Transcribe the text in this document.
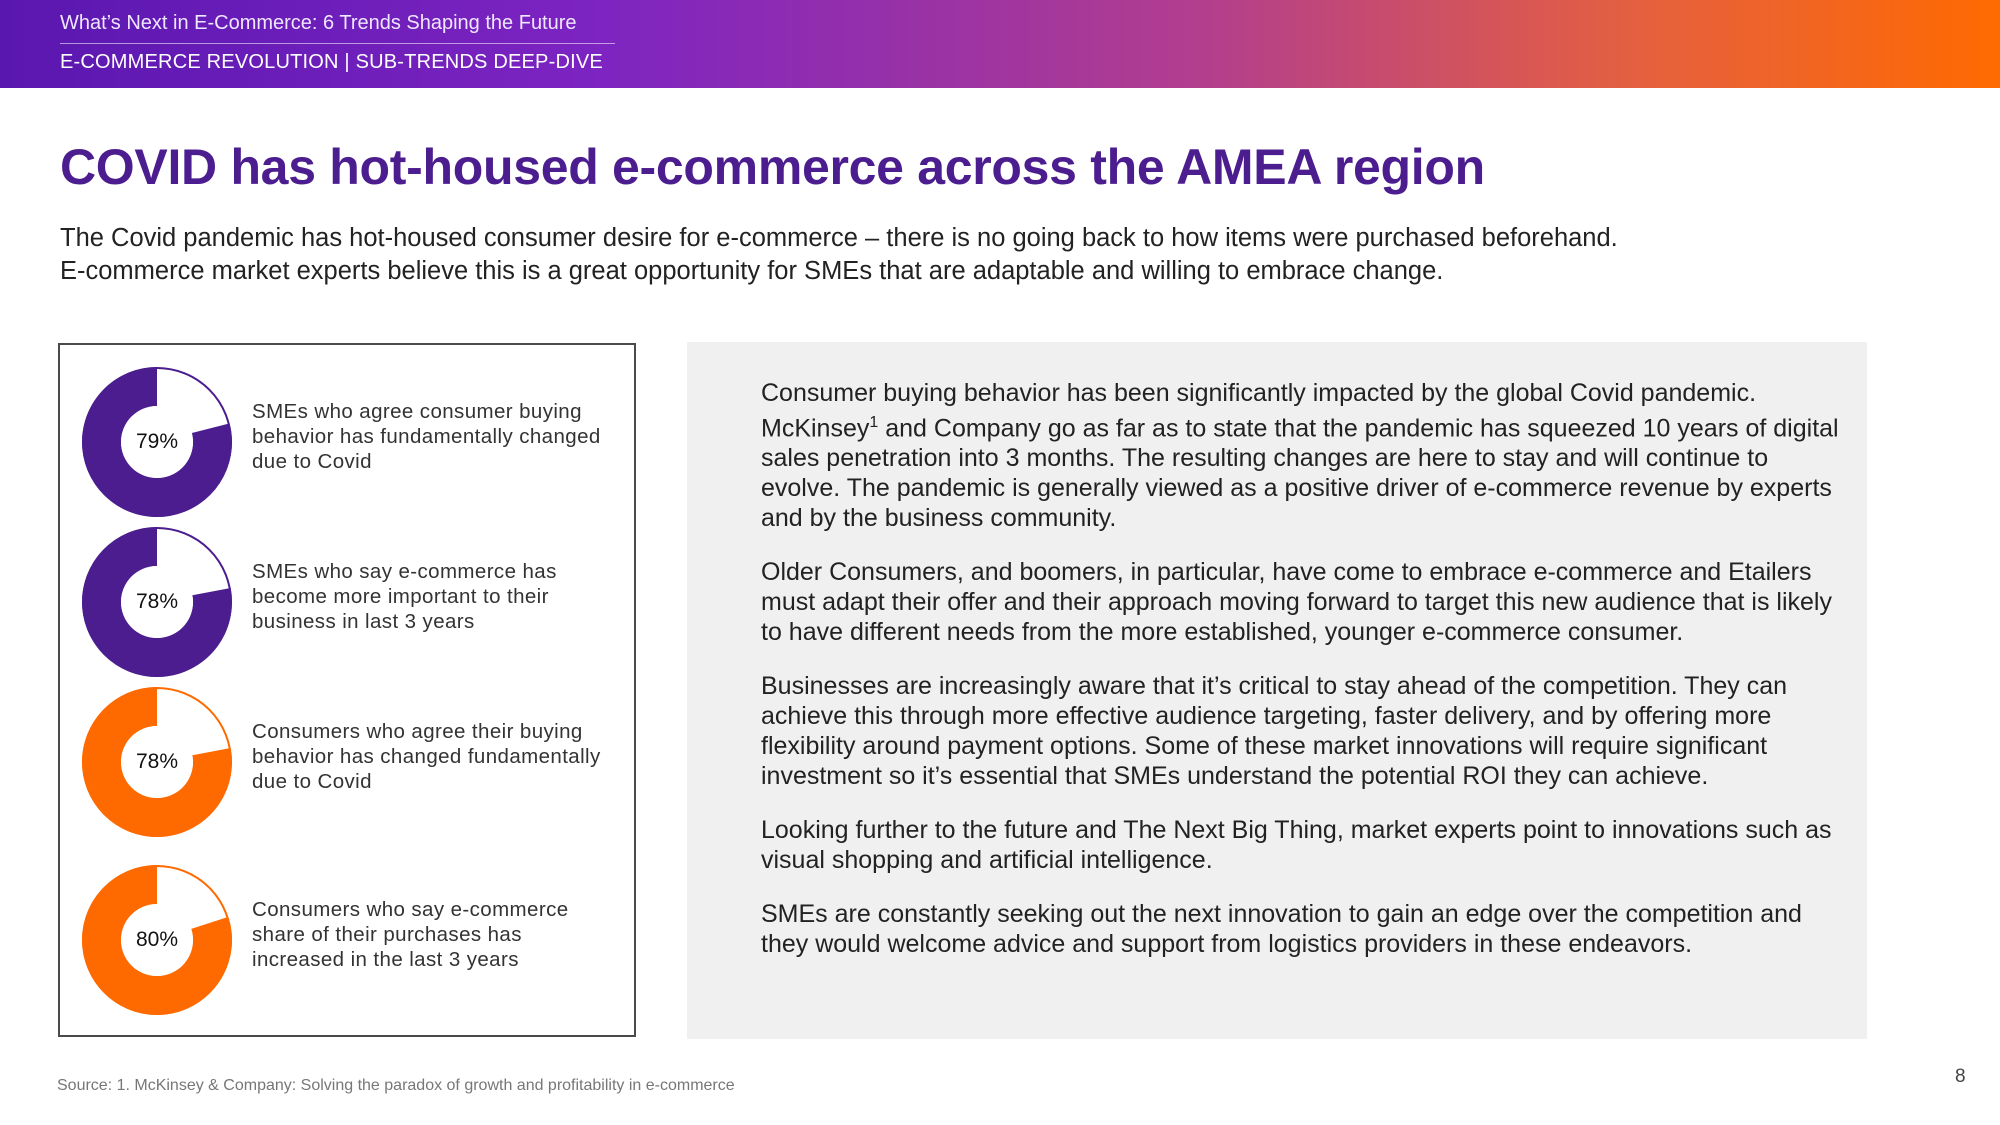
What’s Next in E-Commerce: 6 Trends Shaping the Future
E-COMMERCE REVOLUTION | SUB-TRENDS DEEP-DIVE
COVID has hot-housed e-commerce across the AMEA region

The Covid pandemic has hot-housed consumer desire for e-commerce – there is no going back to how items were purchased beforehand.

E-commerce market experts believe this is a great opportunity for SMEs that are adaptable and willing to embrace change.

79%
SMEs who agree consumer buying behavior has fundamentally changed due to Covid
78%
SMEs who say e-commerce has become more important to their business in last 3 years
78%
Consumers who agree their buying behavior has changed fundamentally due to Covid
80%
Consumers who say e-commerce share of their purchases has increased in the last 3 years

Consumer buying behavior has been significantly impacted by the global Covid pandemic. McKinsey$^1$ and Company go as far as to state that the pandemic has squeezed 10 years of digital sales penetration into 3 months. The resulting changes are here to stay and will continue to evolve. The pandemic is generally viewed as a positive driver of e-commerce revenue by experts and by the business community.

Older Consumers, and boomers, in particular, have come to embrace e-commerce and Etailers must adapt their offer and their approach moving forward to target this new audience that is likely to have different needs from the more established, younger e-commerce consumer.

Businesses are increasingly aware that it’s critical to stay ahead of the competition. They can achieve this through more effective audience targeting, faster delivery, and by offering more flexibility around payment options. Some of these market innovations will require significant investment so it’s essential that SMEs understand the potential ROI they can achieve.

Looking further to the future and The Next Big Thing, market experts point to innovations such as visual shopping and artificial intelligence.

SMEs are constantly seeking out the next innovation to gain an edge over the competition and they would welcome advice and support from logistics providers in these endeavors.

Source: 1. McKinsey & Company: Solving the paradox of growth and profitability in e-commerce	8
